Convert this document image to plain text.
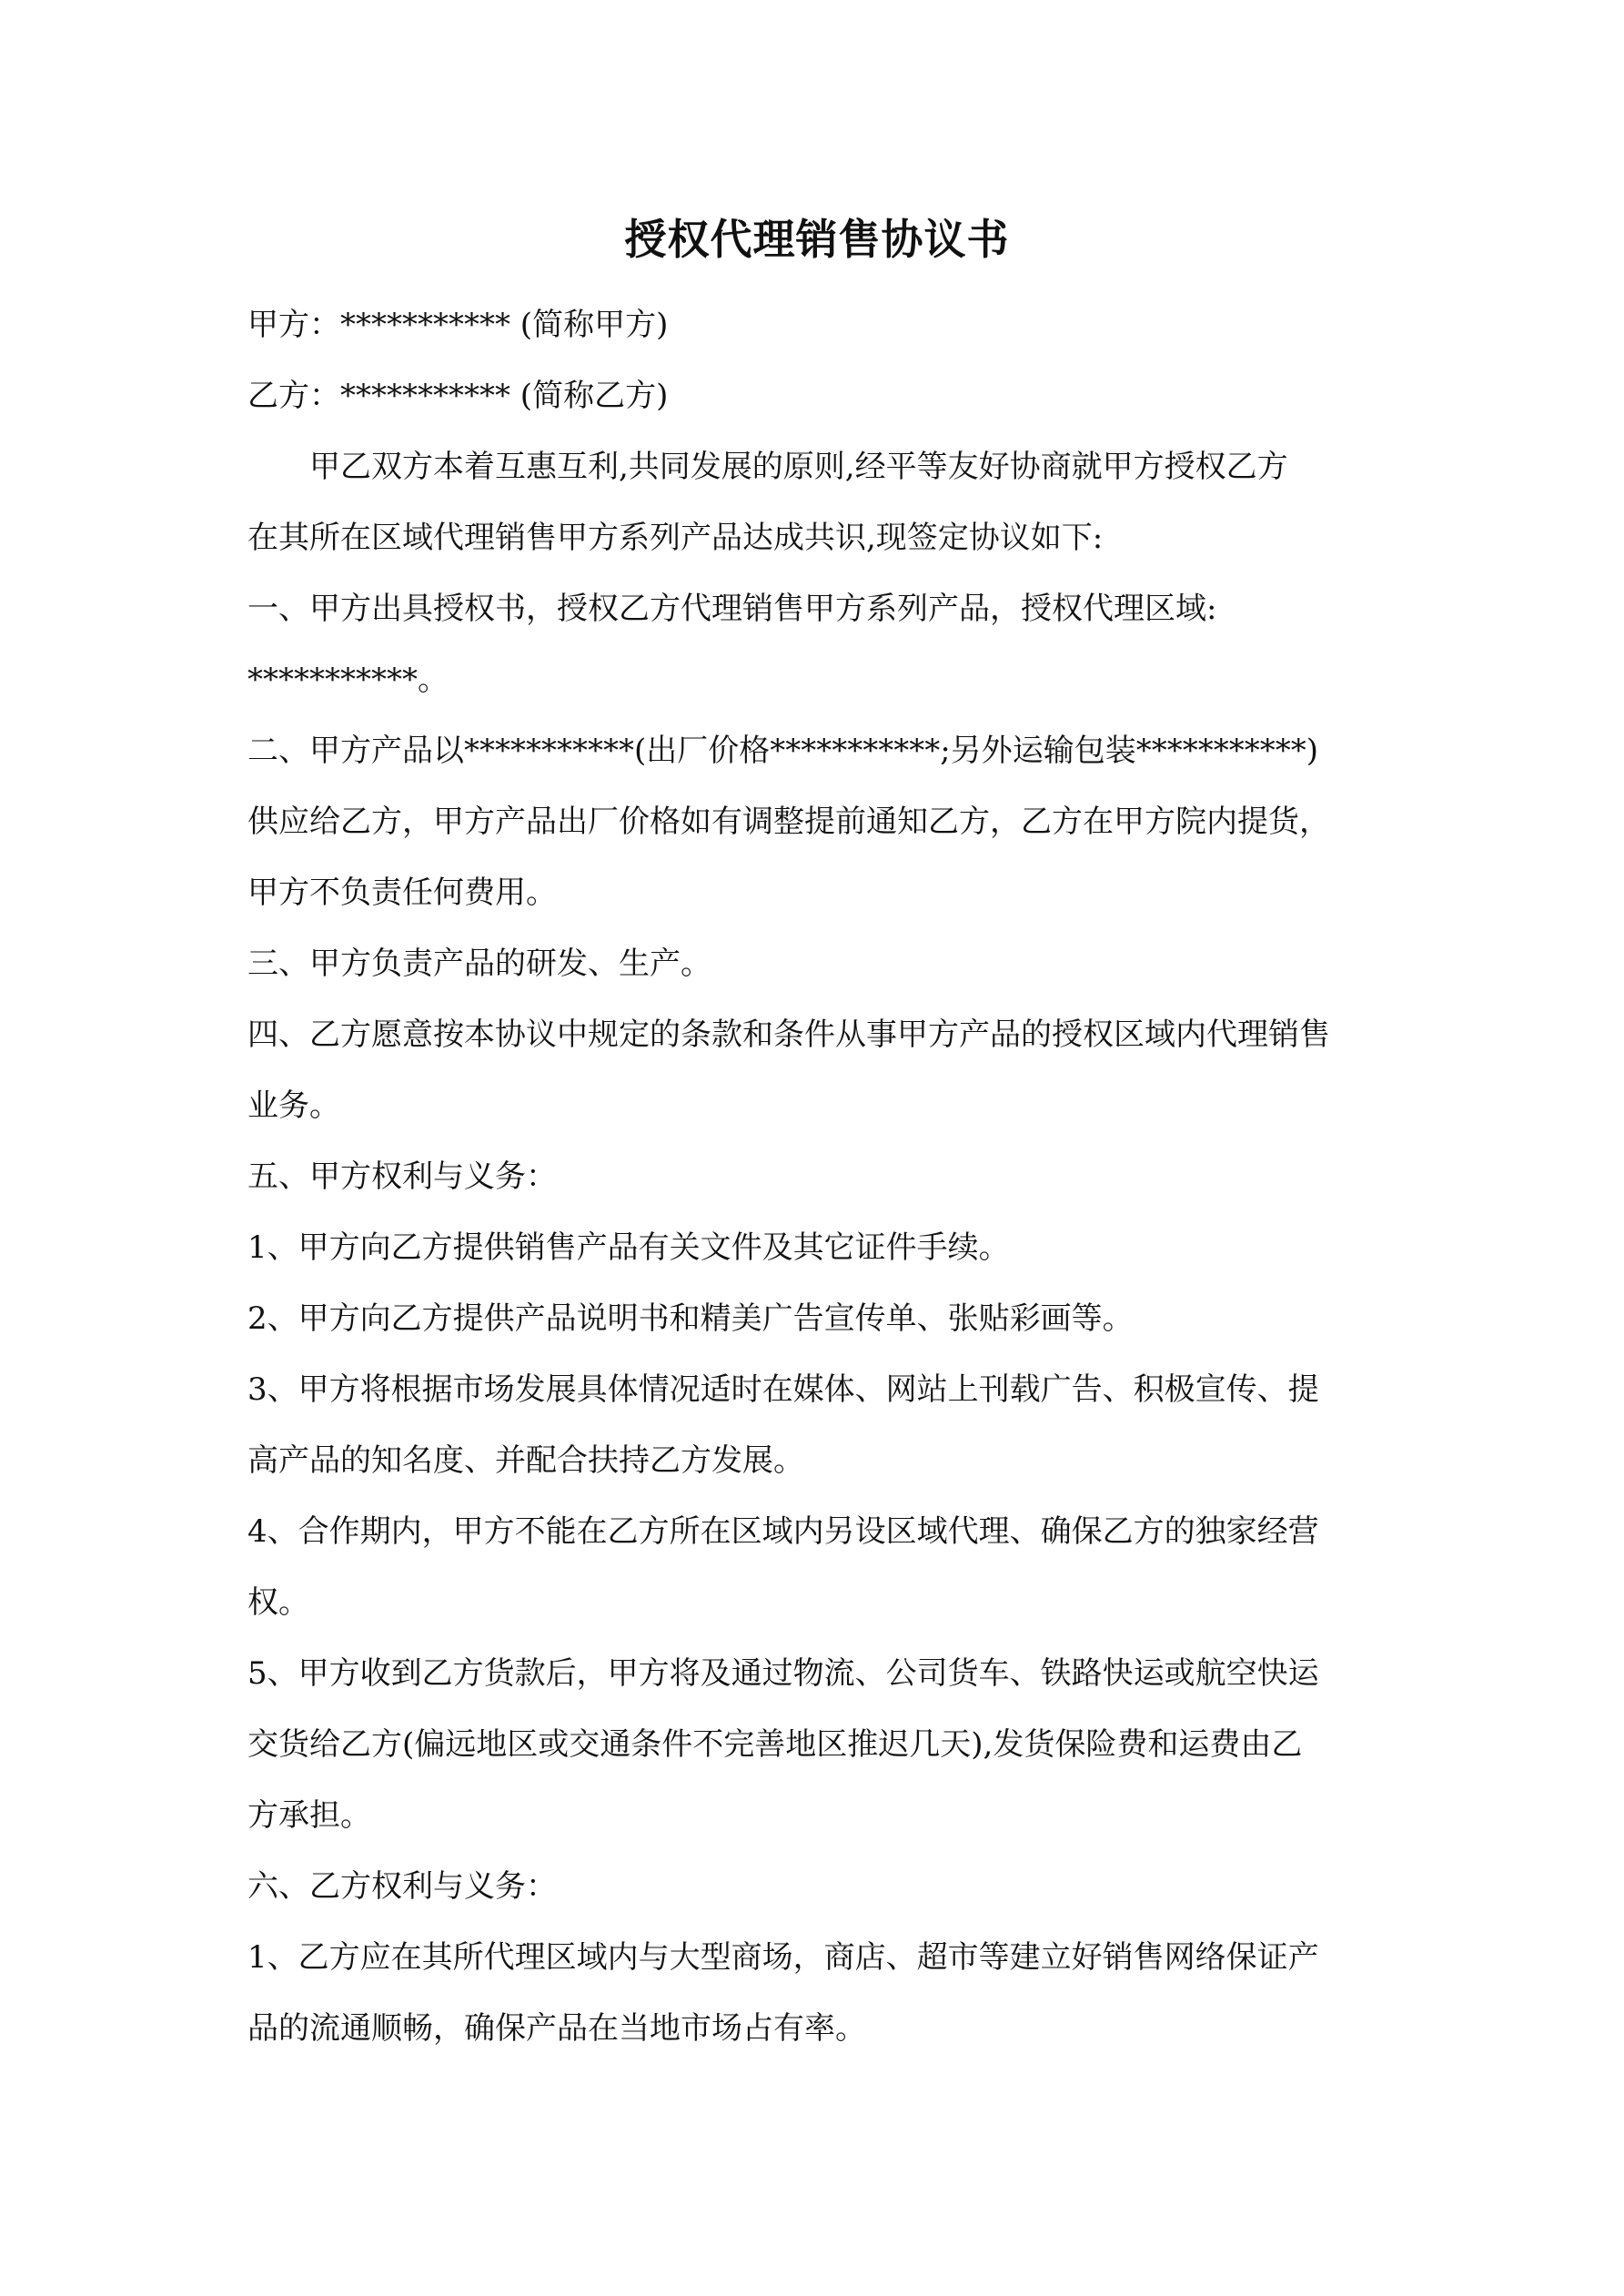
授权代理销售协议书
甲方：*********** (简称甲方)
乙方：*********** (简称乙方)
甲乙双方本着互惠互利,共同发展的原则,经平等友好协商就甲方授权乙方
在其所在区域代理销售甲方系列产品达成共识,现签定协议如下:
一、甲方出具授权书，授权乙方代理销售甲方系列产品，授权代理区域:
***********。
二、甲方产品以***********(出厂价格***********;另外运输包装***********)
供应给乙方，甲方产品出厂价格如有调整提前通知乙方，乙方在甲方院内提货，
甲方不负责任何费用。
三、甲方负责产品的研发、生产。
四、乙方愿意按本协议中规定的条款和条件从事甲方产品的授权区域内代理销售
业务。
五、甲方权利与义务：
1、甲方向乙方提供销售产品有关文件及其它证件手续。
2、甲方向乙方提供产品说明书和精美广告宣传单、张贴彩画等。
3、甲方将根据市场发展具体情况适时在媒体、网站上刊载广告、积极宣传、提
高产品的知名度、并配合扶持乙方发展。
4、合作期内，甲方不能在乙方所在区域内另设区域代理、确保乙方的独家经营
权。
5、甲方收到乙方货款后，甲方将及通过物流、公司货车、铁路快运或航空快运
交货给乙方(偏远地区或交通条件不完善地区推迟几天),发货保险费和运费由乙
方承担。
六、乙方权利与义务：
1、乙方应在其所代理区域内与大型商场，商店、超市等建立好销售网络保证产
品的流通顺畅，确保产品在当地市场占有率。
